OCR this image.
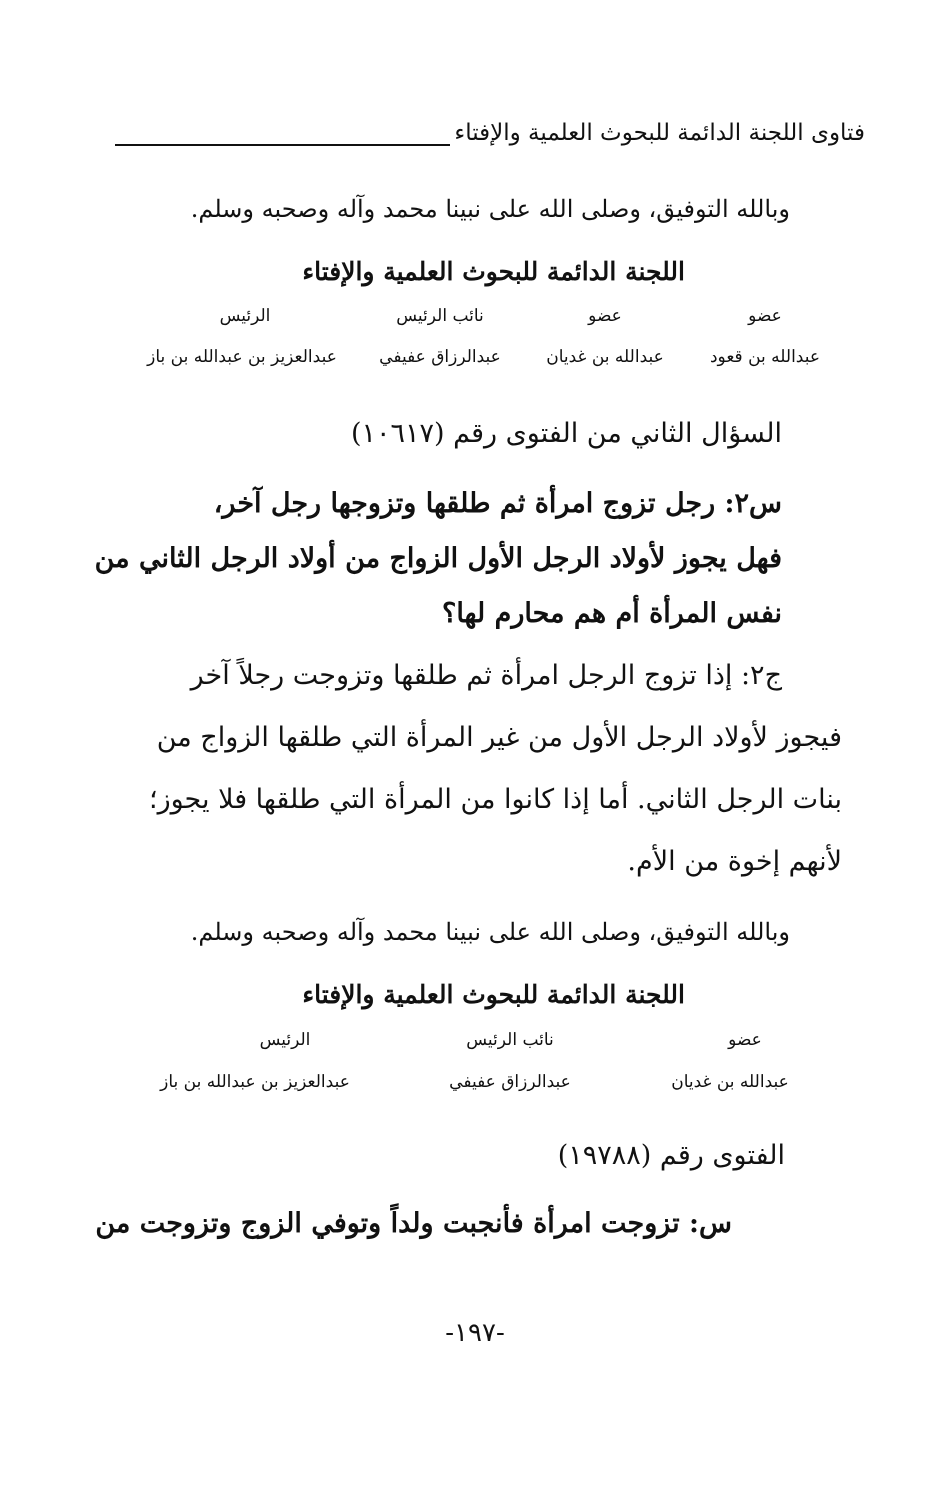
فتاوى اللجنة الدائمة للبحوث العلمية والإفتاء
وبالله التوفيق، وصلى الله على نبينا محمد وآله وصحبه وسلم.
اللجنة الدائمة للبحوث العلمية والإفتاء
عضو
عبدالله بن قعود
عضو
عبدالله بن غديان
نائب الرئيس
عبدالرزاق عفيفي
الرئيس
عبدالعزيز بن عبدالله بن باز
السؤال الثاني من الفتوى رقم (١٠٦١٧)
س٢: رجل تزوج امرأة ثم طلقها وتزوجها رجل آخر،
فهل يجوز لأولاد الرجل الأول الزواج من أولاد الرجل الثاني من
نفس المرأة أم هم محارم لها؟
ج٢: إذا تزوج الرجل امرأة ثم طلقها وتزوجت رجلاً آخر
فيجوز لأولاد الرجل الأول من غير المرأة التي طلقها الزواج من
بنات الرجل الثاني. أما إذا كانوا من المرأة التي طلقها فلا يجوز؛
لأنهم إخوة من الأم.
وبالله التوفيق، وصلى الله على نبينا محمد وآله وصحبه وسلم.
اللجنة الدائمة للبحوث العلمية والإفتاء
عضو
عبدالله بن غديان
نائب الرئيس
عبدالرزاق عفيفي
الرئيس
عبدالعزيز بن عبدالله بن باز
الفتوى رقم (١٩٧٨٨)
س: تزوجت امرأة فأنجبت ولداً وتوفي الزوج وتزوجت من
-١٩٧-
